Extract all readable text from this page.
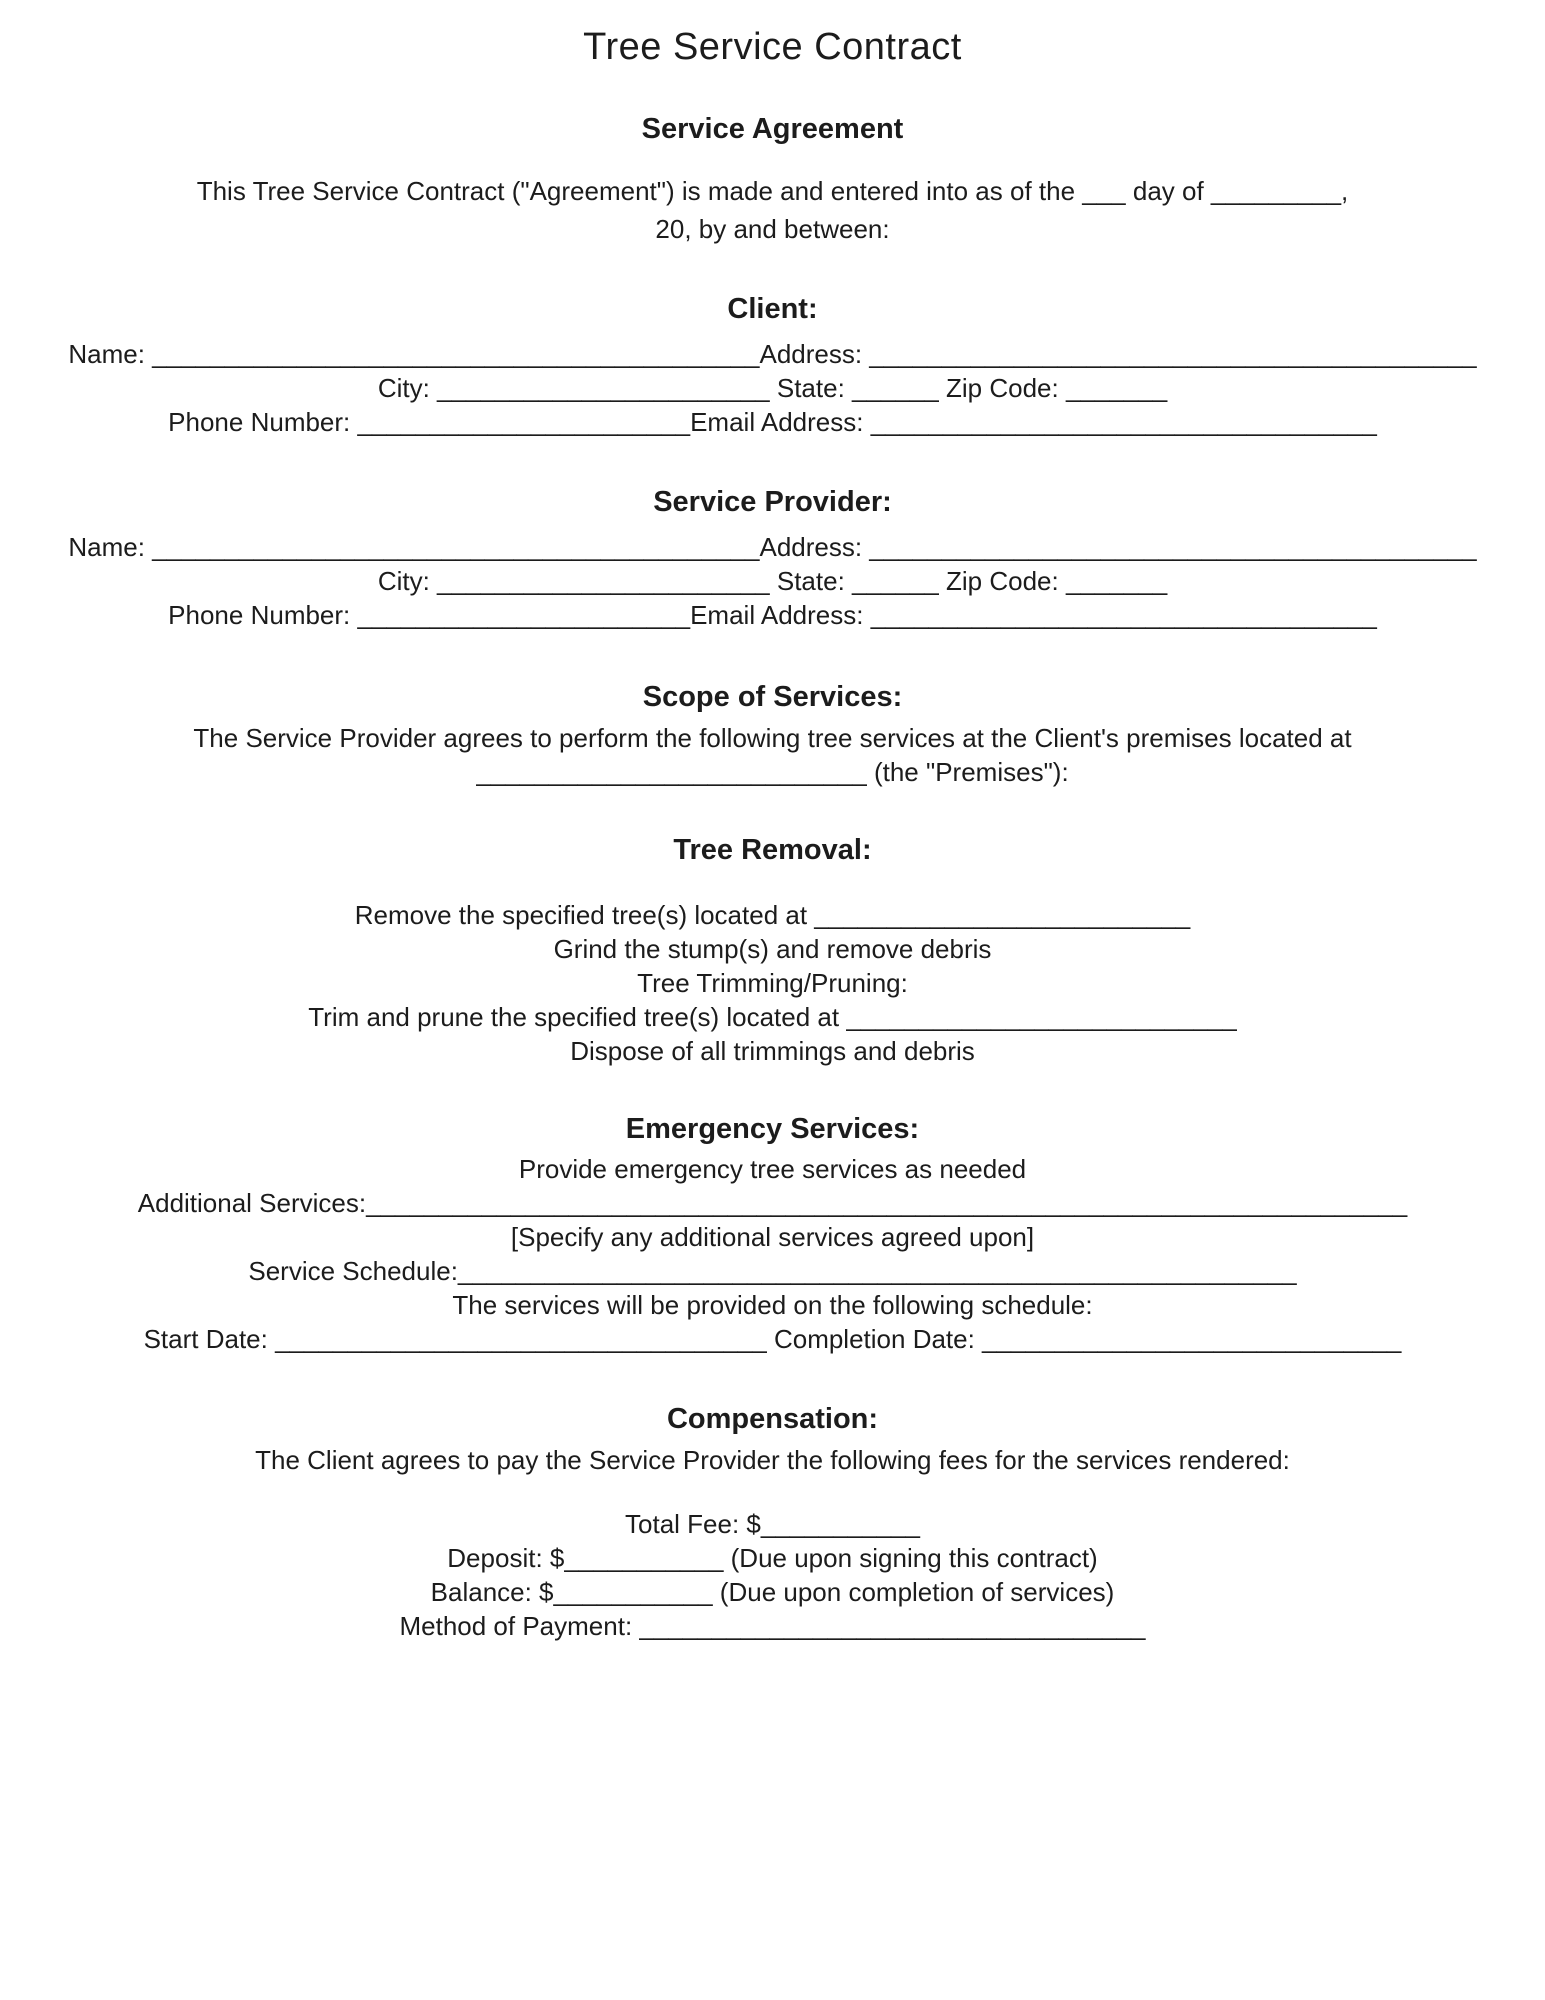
Tree Service Contract
Service Agreement
This Tree Service Contract ("Agreement") is made and entered into as of the ___ day of _________,
20, by and between:
Client:
Name: __________________________________________Address: __________________________________________
City: _______________________ State: ______ Zip Code: _______
Phone Number: _______________________Email Address: ___________________________________
Service Provider:
Name: __________________________________________Address: __________________________________________
City: _______________________ State: ______ Zip Code: _______
Phone Number: _______________________Email Address: ___________________________________
Scope of Services:
The Service Provider agrees to perform the following tree services at the Client's premises located at
___________________________ (the "Premises"):
Tree Removal:
Remove the specified tree(s) located at __________________________
Grind the stump(s) and remove debris
Tree Trimming/Pruning:
Trim and prune the specified tree(s) located at ___________________________
Dispose of all trimmings and debris
Emergency Services:
Provide emergency tree services as needed
Additional Services:________________________________________________________________________
[Specify any additional services agreed upon]
Service Schedule:__________________________________________________________
The services will be provided on the following schedule:
Start Date: __________________________________ Completion Date: _____________________________
Compensation:
The Client agrees to pay the Service Provider the following fees for the services rendered:
Total Fee: $___________
Deposit: $___________ (Due upon signing this contract)
Balance: $___________ (Due upon completion of services)
Method of Payment: ___________________________________
